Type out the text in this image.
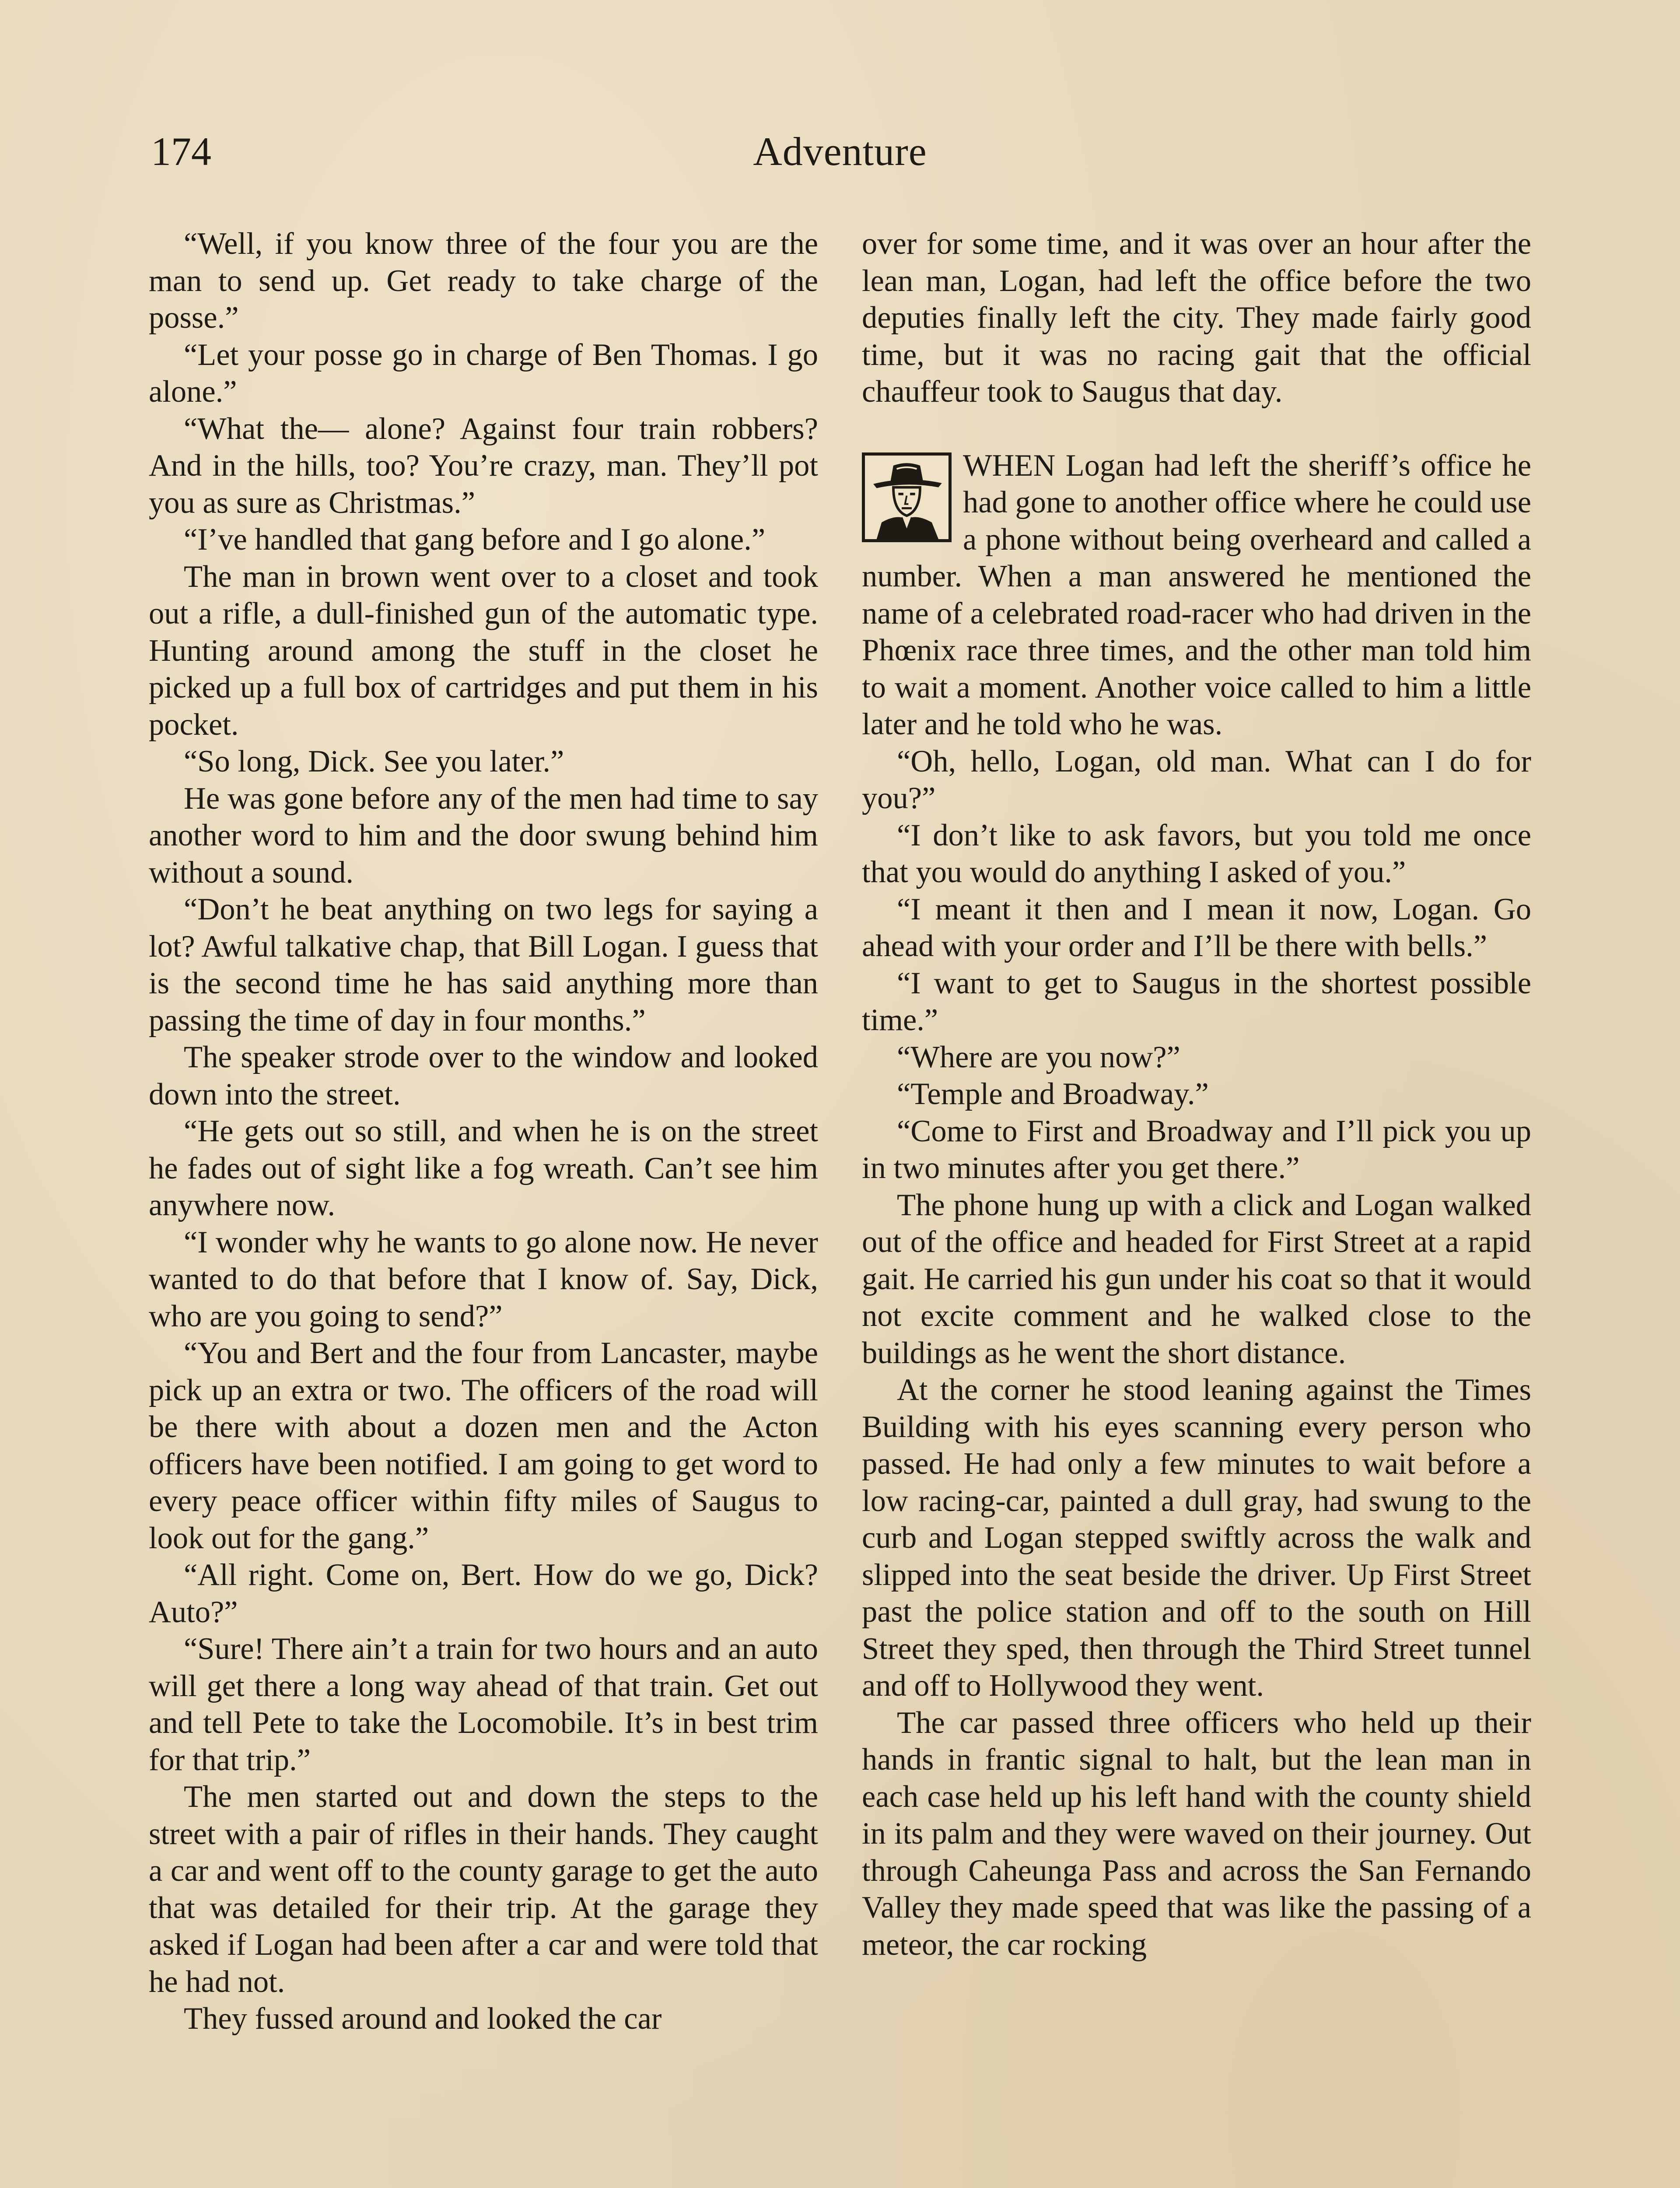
174	Adventure

“Well, if you know three of the four you are the man to send up. Get ready to take charge of the posse.”

“Let your posse go in charge of Ben Thomas. I go alone.”

“What the— alone? Against four train robbers? And in the hills, too? You’re crazy, man. They’ll pot you as sure as Christmas.”

“I’ve handled that gang before and I go alone.”

The man in brown went over to a closet and took out a rifle, a dull-finished gun of the automatic type. Hunting around among the stuff in the closet he picked up a full box of cartridges and put them in his pocket.

“So long, Dick. See you later.”

He was gone before any of the men had time to say another word to him and the door swung behind him without a sound.

“Don’t he beat anything on two legs for saying a lot? Awful talkative chap, that Bill Logan. I guess that is the second time he has said anything more than passing the time of day in four months.”

The speaker strode over to the window and looked down into the street.

“He gets out so still, and when he is on the street he fades out of sight like a fog wreath. Can’t see him anywhere now.

“I wonder why he wants to go alone now. He never wanted to do that before that I know of. Say, Dick, who are you going to send?”

“You and Bert and the four from Lancaster, maybe pick up an extra or two. The officers of the road will be there with about a dozen men and the Acton officers have been notified. I am going to get word to every peace officer within fifty miles of Saugus to look out for the gang.”

“All right. Come on, Bert. How do we go, Dick? Auto?”

“Sure! There ain’t a train for two hours and an auto will get there a long way ahead of that train. Get out and tell Pete to take the Locomobile. It’s in best trim for that trip.”

The men started out and down the steps to the street with a pair of rifles in their hands. They caught a car and went off to the county garage to get the auto that was detailed for their trip. At the garage they asked if Logan had been after a car and were told that he had not.

They fussed around and looked the car

over for some time, and it was over an hour after the lean man, Logan, had left the office before the two deputies finally left the city. They made fairly good time, but it was no racing gait that the official chauffeur took to Saugus that day.

WHEN Logan had left the sheriff’s office he had gone to another office where he could use a phone without being overheard and called a number. When a man answered he mentioned the name of a celebrated road-racer who had driven in the Phœnix race three times, and the other man told him to wait a moment. Another voice called to him a little later and he told who he was.

“Oh, hello, Logan, old man. What can I do for you?”

“I don’t like to ask favors, but you told me once that you would do anything I asked of you.”

“I meant it then and I mean it now, Logan. Go ahead with your order and I’ll be there with bells.”

“I want to get to Saugus in the shortest possible time.”

“Where are you now?”

“Temple and Broadway.”

“Come to First and Broadway and I’ll pick you up in two minutes after you get there.”

The phone hung up with a click and Logan walked out of the office and headed for First Street at a rapid gait. He carried his gun under his coat so that it would not excite comment and he walked close to the buildings as he went the short distance.

At the corner he stood leaning against the Times Building with his eyes scanning every person who passed. He had only a few minutes to wait before a low racing-car, painted a dull gray, had swung to the curb and Logan stepped swiftly across the walk and slipped into the seat beside the driver. Up First Street past the police station and off to the south on Hill Street they sped, then through the Third Street tunnel and off to Hollywood they went.

The car passed three officers who held up their hands in frantic signal to halt, but the lean man in each case held up his left hand with the county shield in its palm and they were waved on their journey. Out through Caheunga Pass and across the San Fernando Valley they made speed that was like the passing of a meteor, the car rocking
